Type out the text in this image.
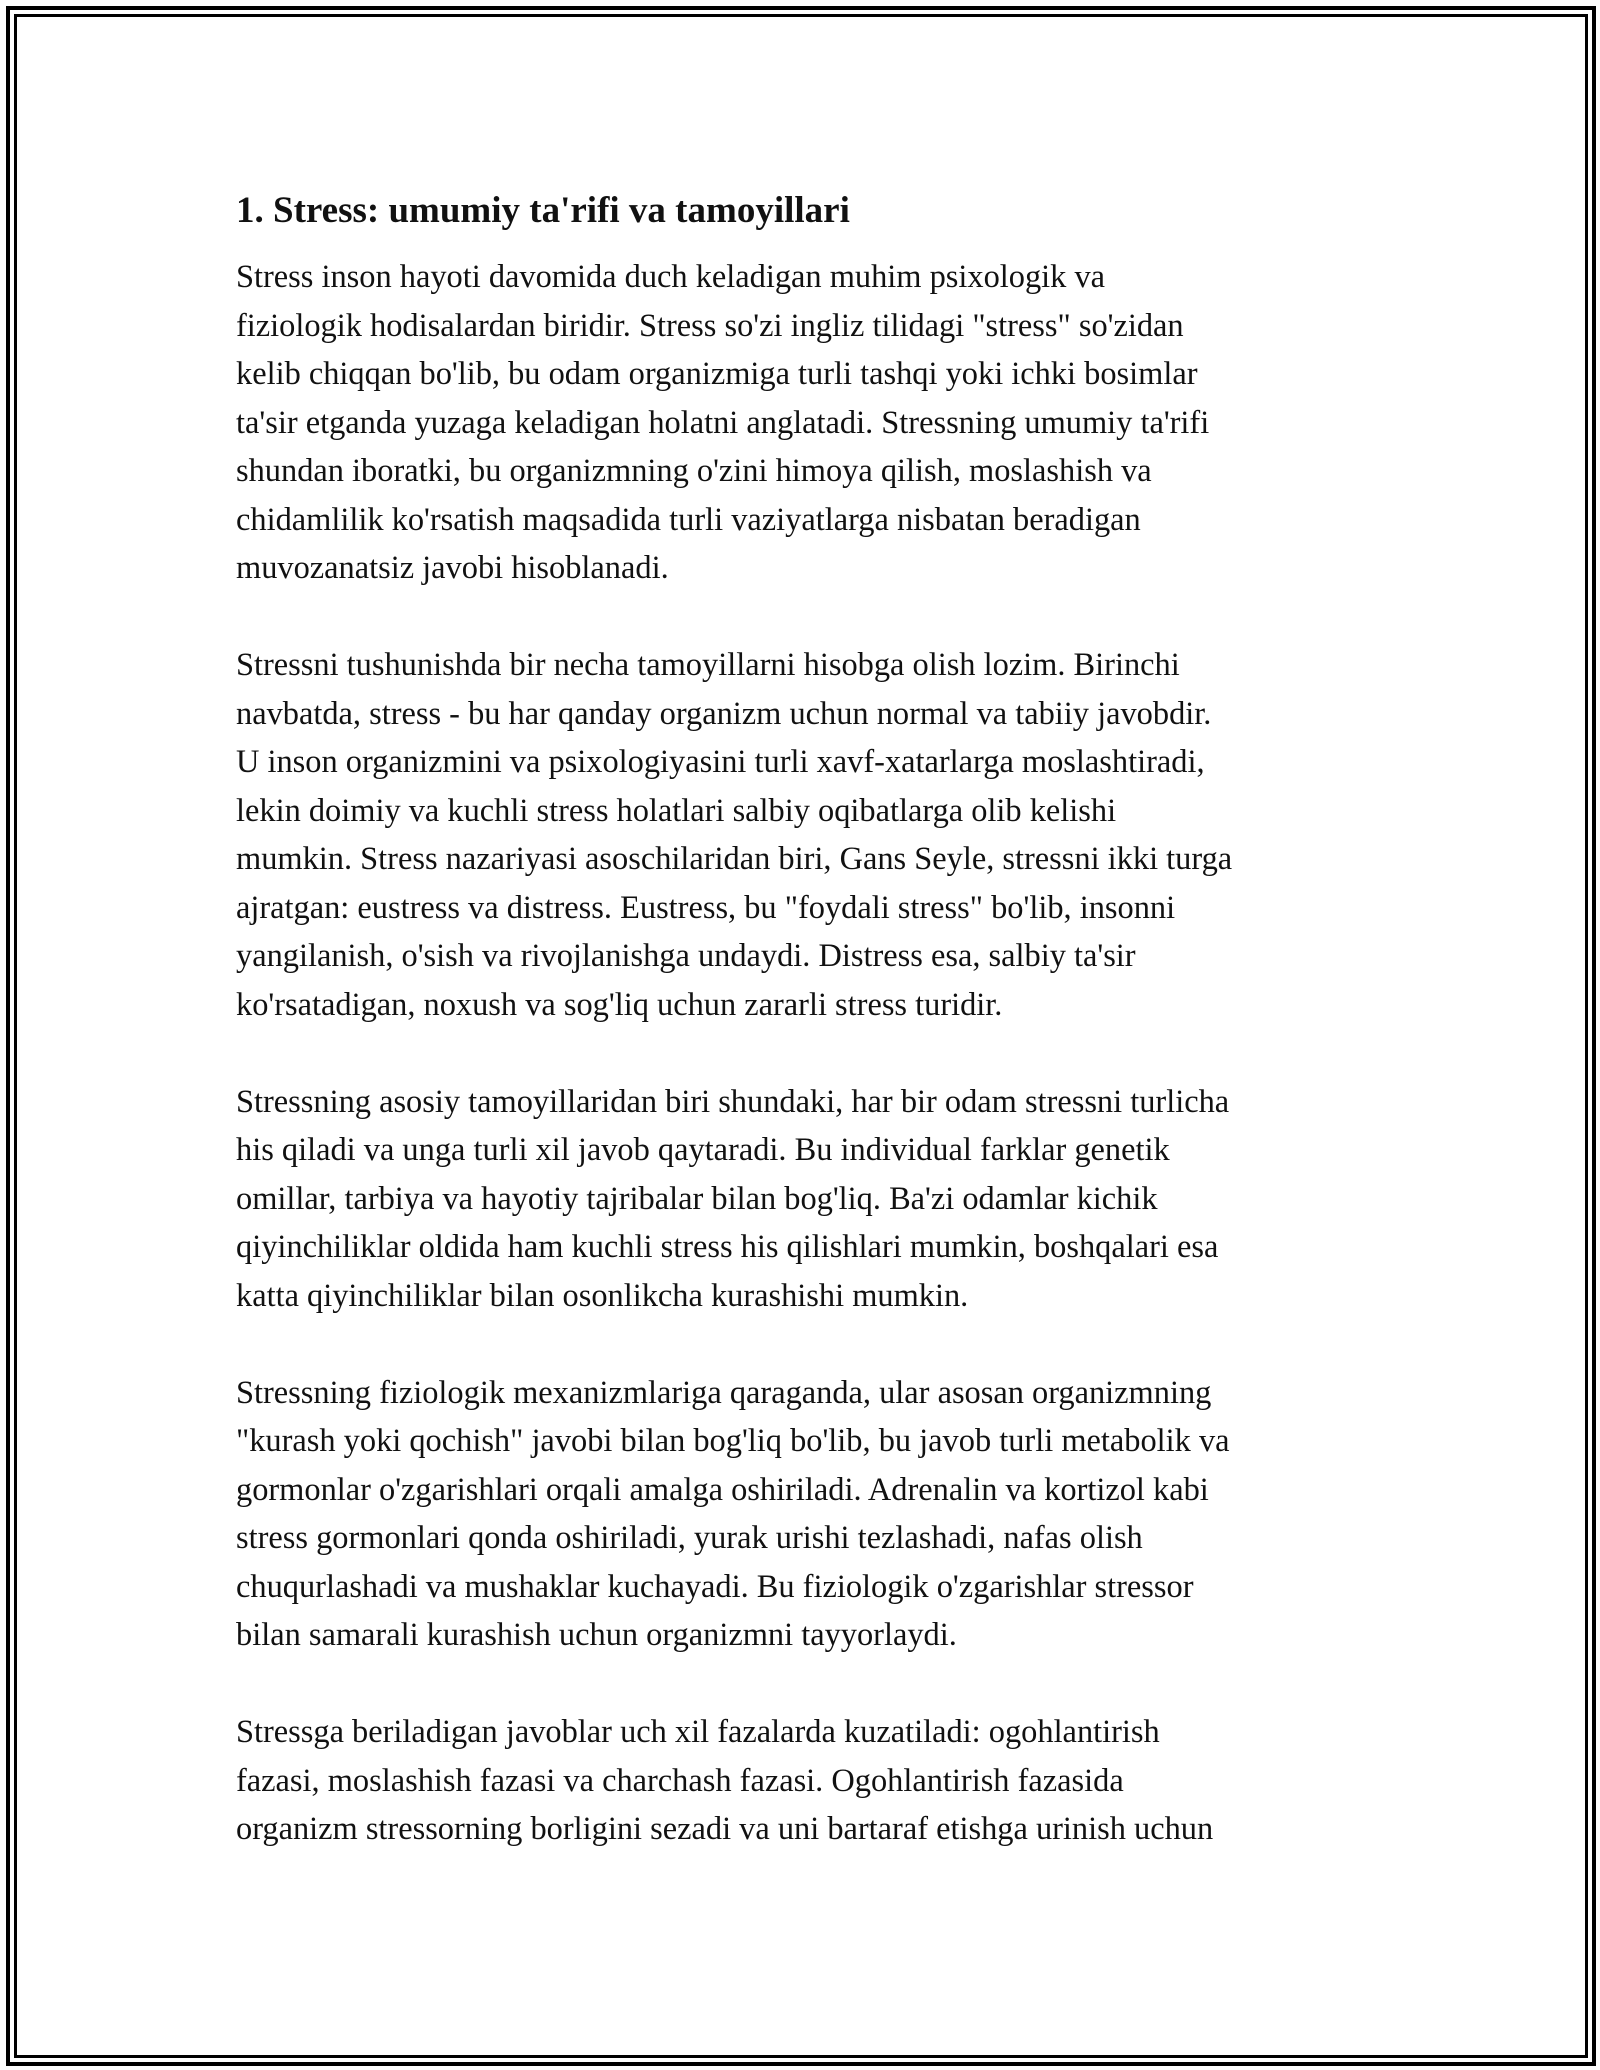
1. Stress: umumiy ta'rifi va tamoyillari

Stress inson hayoti davomida duch keladigan muhim psixologik va
fiziologik hodisalardan biridir. Stress so'zi ingliz tilidagi "stress" so'zidan
kelib chiqqan bo'lib, bu odam organizmiga turli tashqi yoki ichki bosimlar
ta'sir etganda yuzaga keladigan holatni anglatadi. Stressning umumiy ta'rifi
shundan iboratki, bu organizmning o'zini himoya qilish, moslashish va
chidamlilik ko'rsatish maqsadida turli vaziyatlarga nisbatan beradigan
muvozanatsiz javobi hisoblanadi.

Stressni tushunishda bir necha tamoyillarni hisobga olish lozim. Birinchi
navbatda, stress - bu har qanday organizm uchun normal va tabiiy javobdir.
U inson organizmini va psixologiyasini turli xavf-xatarlarga moslashtiradi,
lekin doimiy va kuchli stress holatlari salbiy oqibatlarga olib kelishi
mumkin. Stress nazariyasi asoschilaridan biri, Gans Seyle, stressni ikki turga
ajratgan: eustress va distress. Eustress, bu "foydali stress" bo'lib, insonni
yangilanish, o'sish va rivojlanishga undaydi. Distress esa, salbiy ta'sir
ko'rsatadigan, noxush va sog'liq uchun zararli stress turidir.

Stressning asosiy tamoyillaridan biri shundaki, har bir odam stressni turlicha
his qiladi va unga turli xil javob qaytaradi. Bu individual farklar genetik
omillar, tarbiya va hayotiy tajribalar bilan bog'liq. Ba'zi odamlar kichik
qiyinchiliklar oldida ham kuchli stress his qilishlari mumkin, boshqalari esa
katta qiyinchiliklar bilan osonlikcha kurashishi mumkin.

Stressning fiziologik mexanizmlariga qaraganda, ular asosan organizmning
"kurash yoki qochish" javobi bilan bog'liq bo'lib, bu javob turli metabolik va
gormonlar o'zgarishlari orqali amalga oshiriladi. Adrenalin va kortizol kabi
stress gormonlari qonda oshiriladi, yurak urishi tezlashadi, nafas olish
chuqurlashadi va mushaklar kuchayadi. Bu fiziologik o'zgarishlar stressor
bilan samarali kurashish uchun organizmni tayyorlaydi.

Stressga beriladigan javoblar uch xil fazalarda kuzatiladi: ogohlantirish
fazasi, moslashish fazasi va charchash fazasi. Ogohlantirish fazasida
organizm stressorning borligini sezadi va uni bartaraf etishga urinish uchun
